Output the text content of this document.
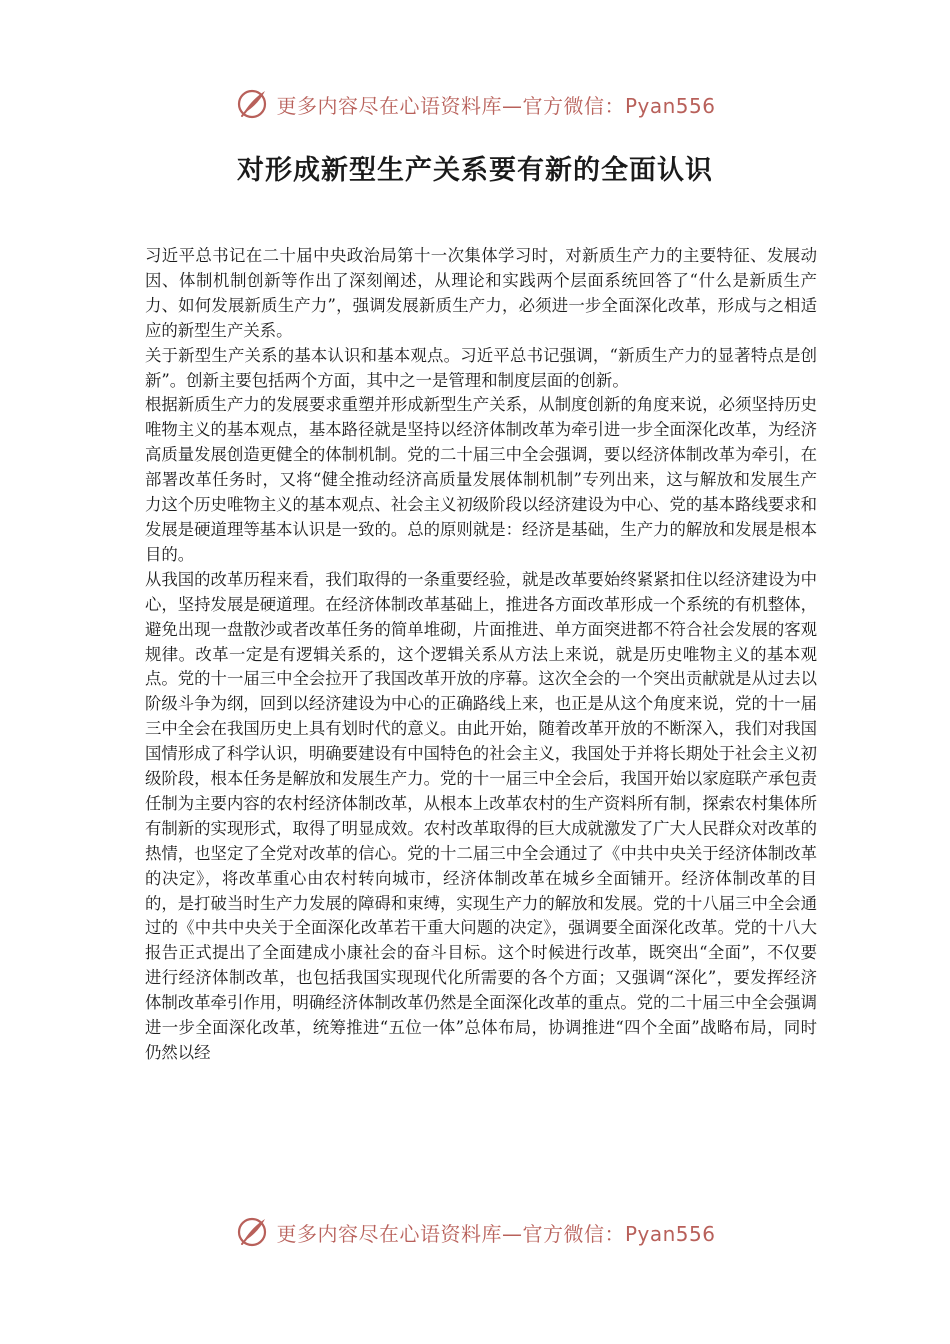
更多内容尽在心语资料库—官方微信：Pyan556
对形成新型生产关系要有新的全面认识

习近平总书记在二十届中央政治局第十一次集体学习时，对新质生产力的主要特征、发展动因、体制机制创新等作出了深刻阐述，从理论和实践两个层面系统回答了“什么是新质生产力、如何发展新质生产力”，强调发展新质生产力，必须进一步全面深化改革，形成与之相适应的新型生产关系。

关于新型生产关系的基本认识和基本观点。习近平总书记强调，“新质生产力的显著特点是创新”。创新主要包括两个方面，其中之一是管理和制度层面的创新。

根据新质生产力的发展要求重塑并形成新型生产关系，从制度创新的角度来说，必须坚持历史唯物主义的基本观点，基本路径就是坚持以经济体制改革为牵引进一步全面深化改革，为经济高质量发展创造更健全的体制机制。党的二十届三中全会强调，要以经济体制改革为牵引，在部署改革任务时，又将“健全推动经济高质量发展体制机制”专列出来，这与解放和发展生产力这个历史唯物主义的基本观点、社会主义初级阶段以经济建设为中心、党的基本路线要求和发展是硬道理等基本认识是一致的。总的原则就是：经济是基础，生产力的解放和发展是根本目的。

从我国的改革历程来看，我们取得的一条重要经验，就是改革要始终紧紧扣住以经济建设为中心，坚持发展是硬道理。在经济体制改革基础上，推进各方面改革形成一个系统的有机整体，避免出现一盘散沙或者改革任务的简单堆砌，片面推进、单方面突进都不符合社会发展的客观规律。改革一定是有逻辑关系的，这个逻辑关系从方法上来说，就是历史唯物主义的基本观点。党的十一届三中全会拉开了我国改革开放的序幕。这次全会的一个突出贡献就是从过去以阶级斗争为纲，回到以经济建设为中心的正确路线上来，也正是从这个角度来说，党的十一届三中全会在我国历史上具有划时代的意义。由此开始，随着改革开放的不断深入，我们对我国国情形成了科学认识，明确要建设有中国特色的社会主义，我国处于并将长期处于社会主义初级阶段，根本任务是解放和发展生产力。党的十一届三中全会后，我国开始以家庭联产承包责任制为主要内容的农村经济体制改革，从根本上改革农村的生产资料所有制，探索农村集体所有制新的实现形式，取得了明显成效。农村改革取得的巨大成就激发了广大人民群众对改革的热情，也坚定了全党对改革的信心。党的十二届三中全会通过了《中共中央关于经济体制改革的决定》，将改革重心由农村转向城市，经济体制改革在城乡全面铺开。经济体制改革的目的，是打破当时生产力发展的障碍和束缚，实现生产力的解放和发展。党的十八届三中全会通过的《中共中央关于全面深化改革若干重大问题的决定》，强调要全面深化改革。党的十八大报告正式提出了全面建成小康社会的奋斗目标。这个时候进行改革，既突出“全面”，不仅要进行经济体制改革，也包括我国实现现代化所需要的各个方面；又强调“深化”，要发挥经济体制改革牵引作用，明确经济体制改革仍然是全面深化改革的重点。党的二十届三中全会强调进一步全面深化改革，统筹推进“五位一体”总体布局，协调推进“四个全面”战略布局，同时仍然以经

更多内容尽在心语资料库—官方微信：Pyan556
